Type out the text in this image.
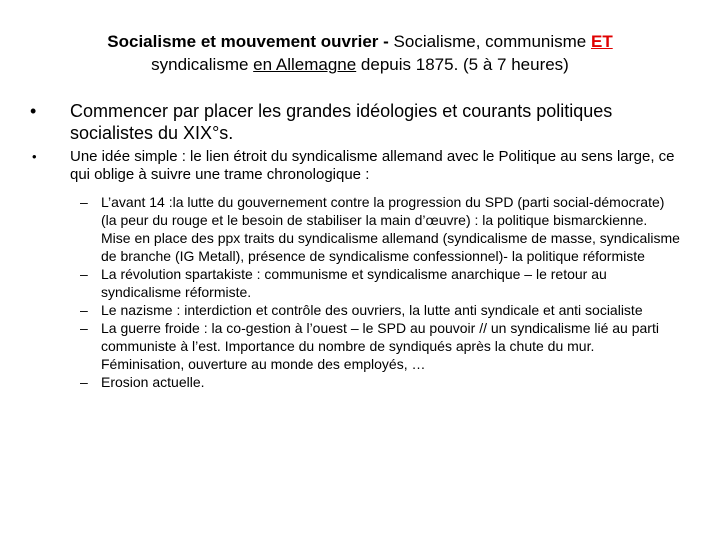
Socialisme et mouvement ouvrier - Socialisme, communisme ET
syndicalisme en Allemagne depuis 1875. (5 à 7 heures)
• Commencer par placer les grandes idéologies et courants politiques socialistes du XIX°s.
• Une idée simple : le lien étroit du syndicalisme allemand avec le Politique au sens large, ce qui oblige à suivre une trame chronologique :
– L’avant 14 :la lutte du gouvernement contre la progression du SPD (parti social-démocrate) (la peur du rouge et le besoin de stabiliser la main d’œuvre) : la politique bismarckienne. Mise en place des ppx traits du syndicalisme allemand (syndicalisme de masse, syndicalisme de branche (IG Metall), présence de syndicalisme confessionnel)- la politique réformiste
– La révolution spartakiste : communisme et syndicalisme anarchique – le retour au syndicalisme réformiste.
– Le nazisme : interdiction et contrôle des ouvriers, la lutte anti syndicale et anti socialiste
– La guerre froide : la co-gestion à l’ouest – le SPD au pouvoir // un syndicalisme lié au parti communiste à l’est. Importance du nombre de syndiqués après la chute du mur. Féminisation, ouverture au monde des employés, …
– Erosion actuelle.
